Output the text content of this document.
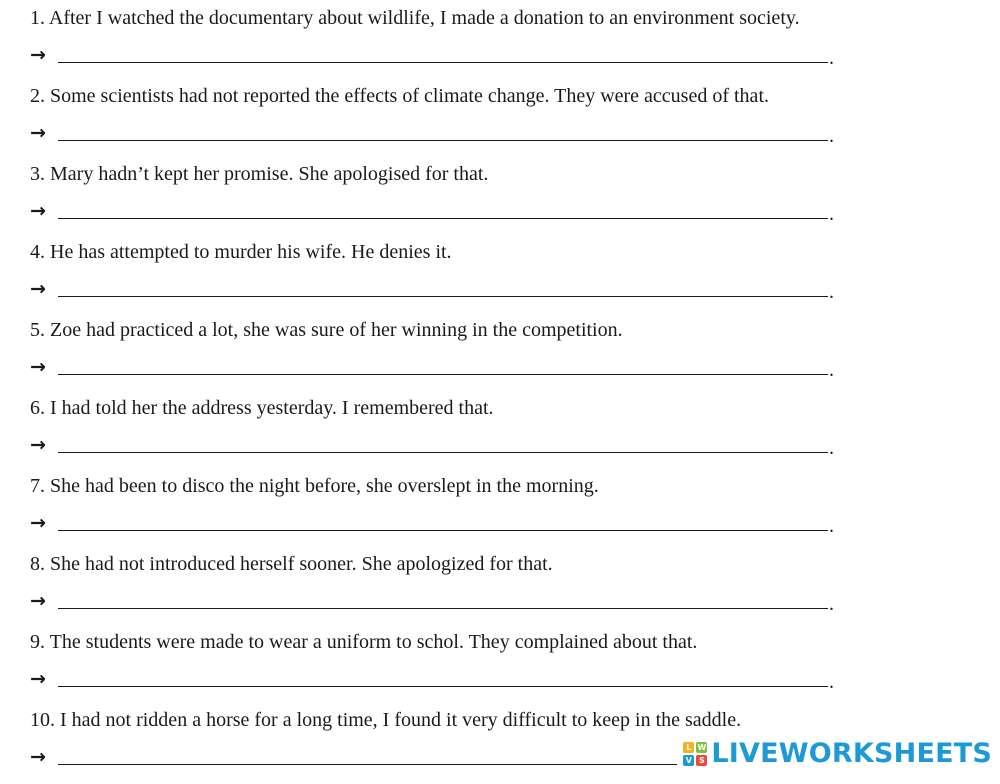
1. After I watched the documentary about wildlife, I made a donation to an environment society.
→	.
2. Some scientists had not reported the effects of climate change. They were accused of that.
→	.
3. Mary hadn’t kept her promise. She apologised for that.
→	.
4. He has attempted to murder his wife. He denies it.
→	.
5. Zoe had practiced a lot, she was sure of her winning in the competition.
→	.
6. I had told her the address yesterday. I remembered that.
→	.
7. She had been to disco the night before, she overslept in the morning.
→	.
8. She had not introduced herself sooner. She apologized for that.
→	.
9. The students were made to wear a uniform to schol. They complained about that.
→	.
10. I had not ridden a horse for a long time, I found it very difficult to keep in the saddle.
→	L W
V S LIVEWORKSHEETS
